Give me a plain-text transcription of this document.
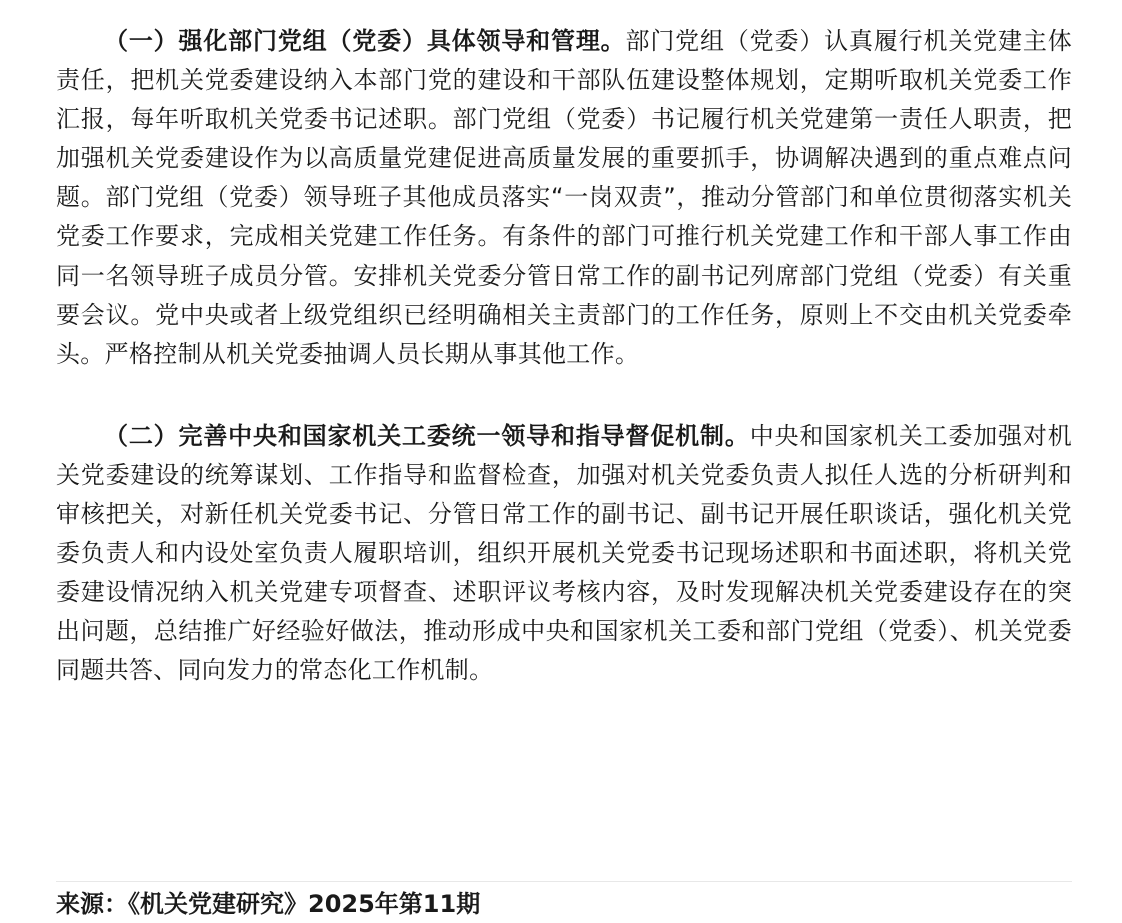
（一）强化部门党组（党委）具体领导和管理。部门党组（党委）认真履行机关党建主体责任，把机关党委建设纳入本部门党的建设和干部队伍建设整体规划，定期听取机关党委工作汇报，每年听取机关党委书记述职。部门党组（党委）书记履行机关党建第一责任人职责，把加强机关党委建设作为以高质量党建促进高质量发展的重要抓手，协调解决遇到的重点难点问题。部门党组（党委）领导班子其他成员落实“一岗双责”，推动分管部门和单位贯彻落实机关党委工作要求，完成相关党建工作任务。有条件的部门可推行机关党建工作和干部人事工作由同一名领导班子成员分管。安排机关党委分管日常工作的副书记列席部门党组（党委）有关重要会议。党中央或者上级党组织已经明确相关主责部门的工作任务，原则上不交由机关党委牵头。严格控制从机关党委抽调人员长期从事其他工作。

（二）完善中央和国家机关工委统一领导和指导督促机制。中央和国家机关工委加强对机关党委建设的统筹谋划、工作指导和监督检查，加强对机关党委负责人拟任人选的分析研判和审核把关，对新任机关党委书记、分管日常工作的副书记、副书记开展任职谈话，强化机关党委负责人和内设处室负责人履职培训，组织开展机关党委书记现场述职和书面述职，将机关党委建设情况纳入机关党建专项督查、述职评议考核内容，及时发现解决机关党委建设存在的突出问题，总结推广好经验好做法，推动形成中央和国家机关工委和部门党组（党委）、机关党委同题共答、同向发力的常态化工作机制。

来源：《机关党建研究》2025年第11期
